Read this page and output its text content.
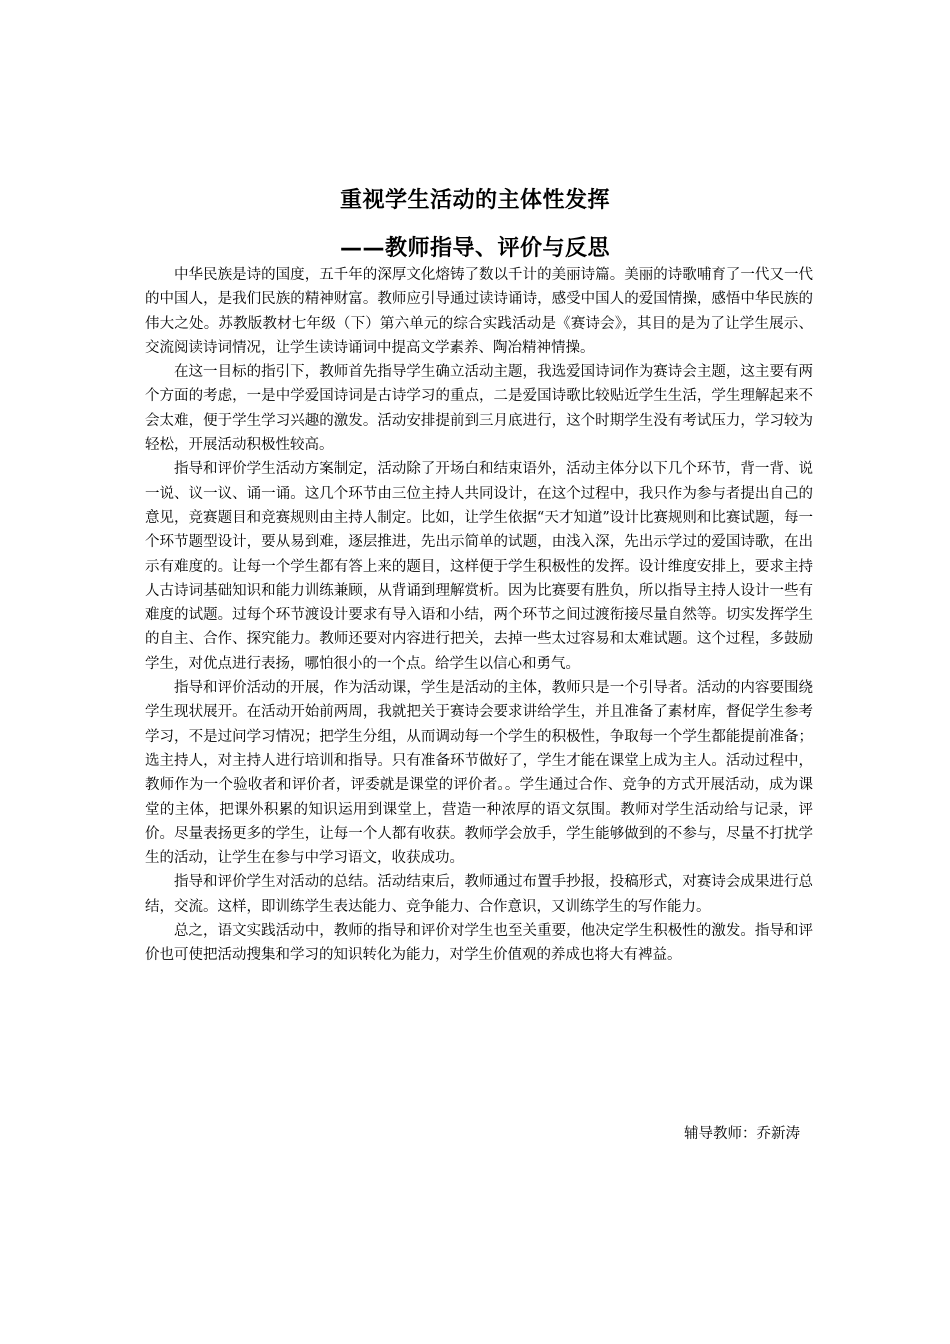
重视学生活动的主体性发挥
——教师指导、评价与反思

中华民族是诗的国度，五千年的深厚文化熔铸了数以千计的美丽诗篇。美丽的诗歌哺育了一代又一代的中国人，是我们民族的精神财富。教师应引导通过读诗诵诗，感受中国人的爱国情操，感悟中华民族的伟大之处。苏教版教材七年级（下）第六单元的综合实践活动是《赛诗会》，其目的是为了让学生展示、交流阅读诗词情况，让学生读诗诵词中提高文学素养、陶冶精神情操。

在这一目标的指引下，教师首先指导学生确立活动主题，我选爱国诗词作为赛诗会主题，这主要有两个方面的考虑，一是中学爱国诗词是古诗学习的重点，二是爱国诗歌比较贴近学生生活，学生理解起来不会太难，便于学生学习兴趣的激发。活动安排提前到三月底进行，这个时期学生没有考试压力，学习较为轻松，开展活动积极性较高。

指导和评价学生活动方案制定，活动除了开场白和结束语外，活动主体分以下几个环节，背一背、说一说、议一议、诵一诵。这几个环节由三位主持人共同设计，在这个过程中，我只作为参与者提出自己的意见，竞赛题目和竞赛规则由主持人制定。比如，让学生依据“天才知道”设计比赛规则和比赛试题，每一个环节题型设计，要从易到难，逐层推进，先出示简单的试题，由浅入深，先出示学过的爱国诗歌，在出示有难度的。让每一个学生都有答上来的题目，这样便于学生积极性的发挥。设计维度安排上，要求主持人古诗词基础知识和能力训练兼顾，从背诵到理解赏析。因为比赛要有胜负，所以指导主持人设计一些有难度的试题。过每个环节渡设计要求有导入语和小结，两个环节之间过渡衔接尽量自然等。切实发挥学生的自主、合作、探究能力。教师还要对内容进行把关，去掉一些太过容易和太难试题。这个过程，多鼓励学生，对优点进行表扬，哪怕很小的一个点。给学生以信心和勇气。

指导和评价活动的开展，作为活动课，学生是活动的主体，教师只是一个引导者。活动的内容要围绕学生现状展开。在活动开始前两周，我就把关于赛诗会要求讲给学生，并且准备了素材库，督促学生参考学习，不是过问学习情况；把学生分组，从而调动每一个学生的积极性，争取每一个学生都能提前准备；选主持人，对主持人进行培训和指导。只有准备环节做好了，学生才能在课堂上成为主人。活动过程中，教师作为一个验收者和评价者，评委就是课堂的评价者。。学生通过合作、竞争的方式开展活动，成为课堂的主体，把课外积累的知识运用到课堂上，营造一种浓厚的语文氛围。教师对学生活动给与记录，评价。尽量表扬更多的学生，让每一个人都有收获。教师学会放手，学生能够做到的不参与，尽量不打扰学生的活动，让学生在参与中学习语文，收获成功。

指导和评价学生对活动的总结。活动结束后，教师通过布置手抄报，投稿形式，对赛诗会成果进行总结，交流。这样，即训练学生表达能力、竞争能力、合作意识，又训练学生的写作能力。

总之，语文实践活动中，教师的指导和评价对学生也至关重要，他决定学生积极性的激发。指导和评价也可使把活动搜集和学习的知识转化为能力，对学生价值观的养成也将大有裨益。

辅导教师：乔新涛
